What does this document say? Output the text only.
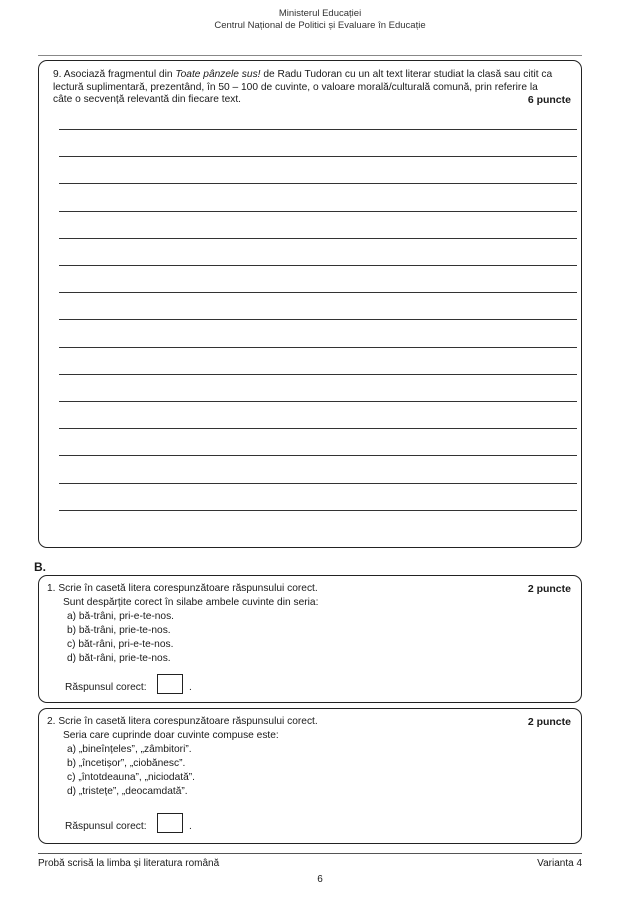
Ministerul Educației
Centrul Național de Politici și Evaluare în Educație
9. Asociază fragmentul din Toate pânzele sus! de Radu Tudoran cu un alt text literar studiat la clasă sau citit ca lectură suplimentară, prezentând, în 50 – 100 de cuvinte, o valoare morală/culturală comună, prin referire la câte o secvență relevantă din fiecare text.	6 puncte
B.
1. Scrie în casetă litera corespunzătoare răspunsului corect.	2 puncte
Sunt despărțite corect în silabe ambele cuvinte din seria:
a) bă-trâni, pri-e-te-nos.
b) bă-trâni, prie-te-nos.
c) băt-râni, pri-e-te-nos.
d) băt-râni, prie-te-nos.
Răspunsul corect:	.
2. Scrie în casetă litera corespunzătoare răspunsului corect.	2 puncte
Seria care cuprinde doar cuvinte compuse este:
a) „bineînțeles”, „zâmbitori”.
b) „încetișor”, „ciobănesc”.
c) „întotdeauna”, „niciodată”.
d) „tristețe”, „deocamdată”.
Răspunsul corect:	.
Probă scrisă la limba și literatura română	Varianta 4
6
